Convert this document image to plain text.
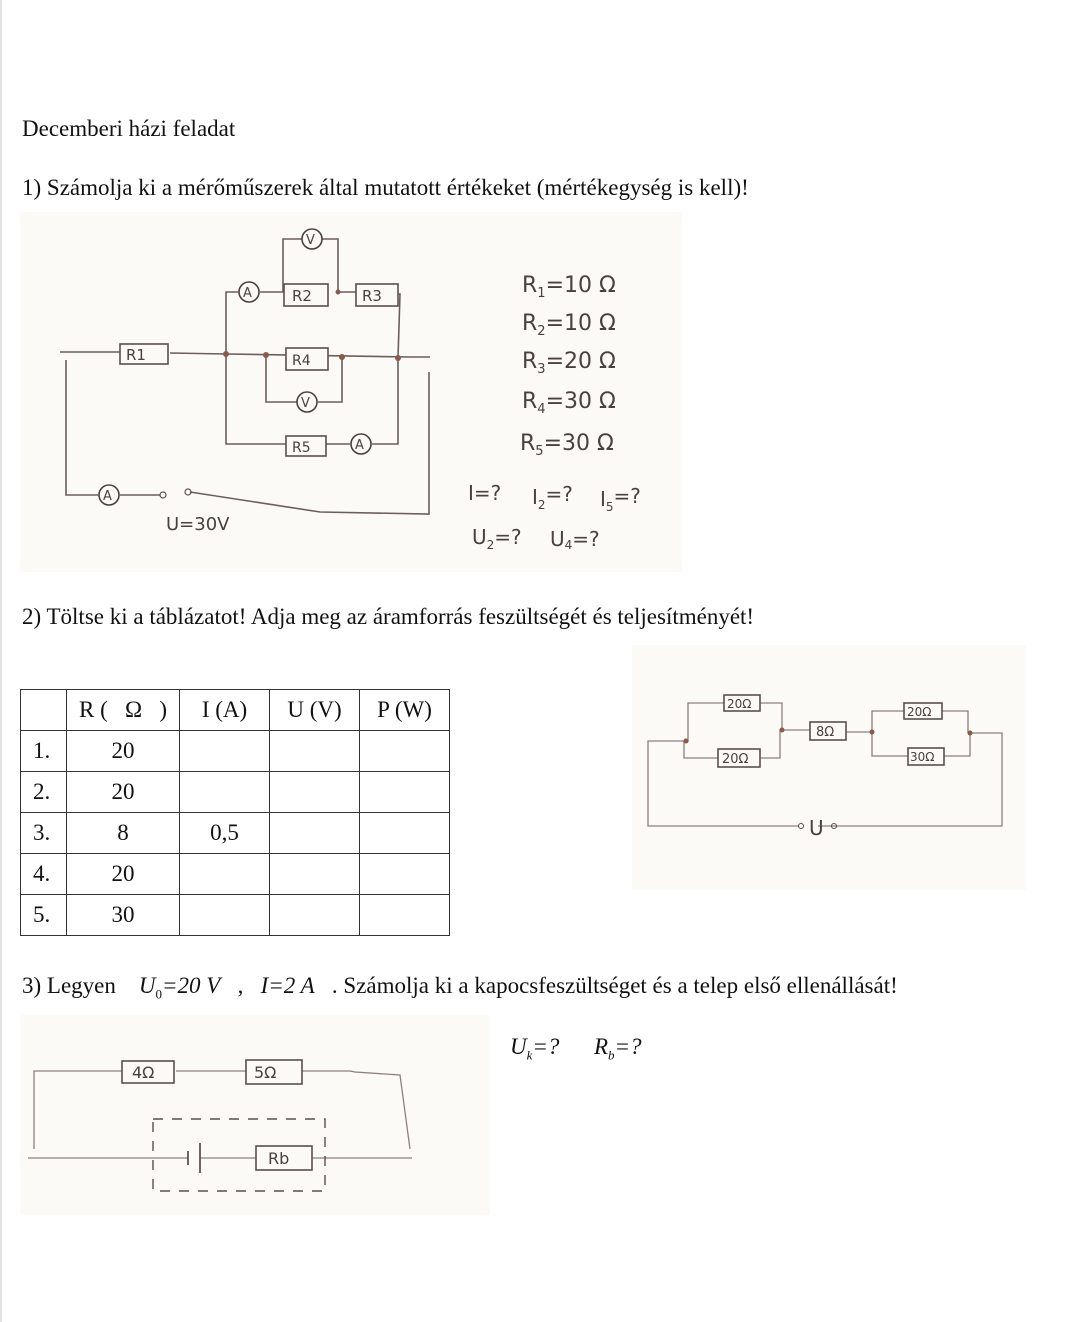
Decemberi házi feladat
1) Számolja ki a mérőműszerek által mutatott értékeket (mértékegység is kell)!
R1
R2	R3
R4
R5
V
A
V
A
A
U=30V
$R_1=10$ Ω
$R_2=10$ Ω
$R_3=20$ Ω
$R_4=30$ Ω
$R_5=30$ Ω
I=? $I_2=$? $I_5=$?
$U_2=$? U4=?
2) Töltse ki a táblázatot! Adja meg az áramforrás feszültségét és teljesítményét!
	R (   Ω   )	I (A)	U (V)	P (W)
1.	20			
2.	20			
3.	8	0,5		
4.	20			
5.	30			
20Ω
20Ω
8Ω
20Ω
30Ω
U
3) Legyen $U_0=20$ V , I=2 A . Számolja ki a kapocsfeszültséget és a telep első ellenállását!
$U_k=$? $R_b=$?
4Ω	5Ω
Rb
